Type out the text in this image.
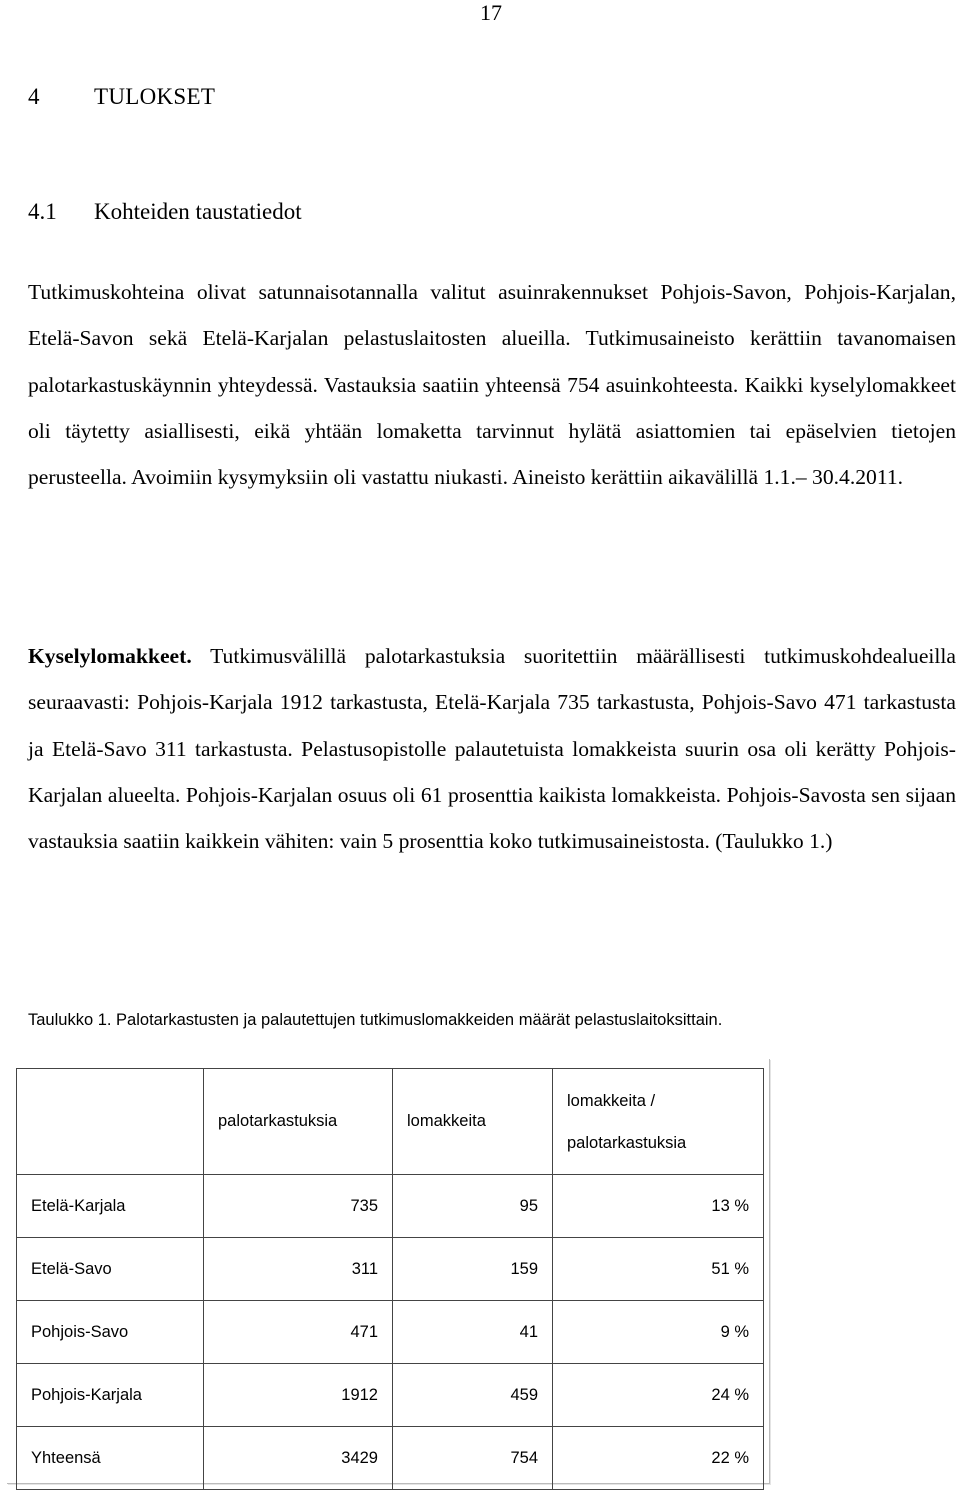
17
4 TULOKSET
4.1 Kohteiden taustatiedot

Tutkimuskohteina olivat satunnaisotannalla valitut asuinrakennukset Pohjois-Savon, Pohjois-Karjalan, Etelä-Savon sekä Etelä-Karjalan pelastuslaitosten alueilla. Tutkimusaineisto kerättiin tavanomaisen palotarkastuskäynnin yhteydessä. Vastauksia saatiin yhteensä 754 asuinkohteesta. Kaikki kyselylomakkeet oli täytetty asiallisesti, eikä yhtään lomaketta tarvinnut hylätä asiattomien tai epäselvien tietojen perusteella. Avoimiin kysymyksiin oli vastattu niukasti. Aineisto kerättiin aikavälillä 1.1.– 30.4.2011.

Kyselylomakkeet. Tutkimusvälillä palotarkastuksia suoritettiin määrällisesti tutkimuskohdealueilla seuraavasti: Pohjois-Karjala 1912 tarkastusta, Etelä-Karjala 735 tarkastusta, Pohjois-Savo 471 tarkastusta ja Etelä-Savo 311 tarkastusta. Pelastusopistolle palautetuista lomakkeista suurin osa oli kerätty Pohjois-Karjalan alueelta. Pohjois-Karjalan osuus oli 61 prosenttia kaikista lomakkeista. Pohjois-Savosta sen sijaan vastauksia saatiin kaikkein vähiten: vain 5 prosenttia koko tutkimusaineistosta. (Taulukko 1.)

Taulukko 1. Palotarkastusten ja palautettujen tutkimuslomakkeiden määrät pelastuslaitoksittain.
	palotarkastuksia	lomakkeita	lomakkeita /
palotarkastuksia

Etelä-Karjala	735	95	13 %
Etelä-Savo	311	159	51 %
Pohjois-Savo	471	41	9 %
Pohjois-Karjala	1912	459	24 %
Yhteensä	3429	754	22 %
